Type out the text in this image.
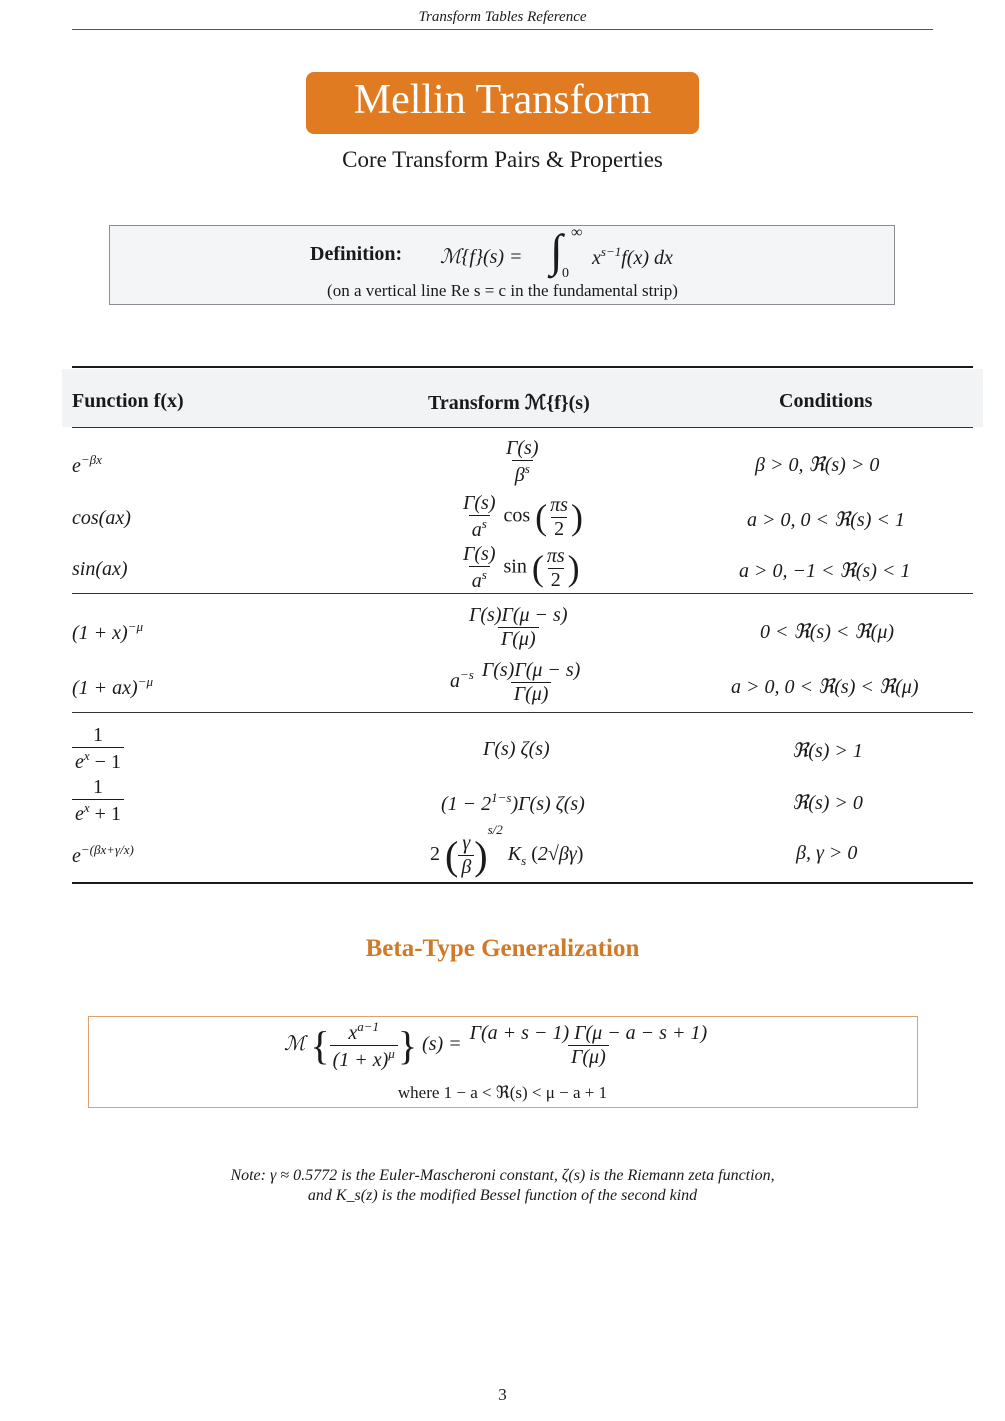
Transform Tables Reference
Mellin Transform
Core Transform Pairs & Properties
Definition: ℳ{f}(s) = ∫ ∞
0
$x^{s-1}f(x)$ dx
(on a vertical line Re s = c in the fundamental strip)
Function f(x)	Transform ℳ{f}(s)	Conditions
$e^{-\beta x}$	$\frac{\Gamma(s)}{\beta^s}$	β > 0, ℜ(s) > 0
cos(ax)	$\frac{\Gamma(s)}{a^s}$ cos ( $\frac{\pi s}{2}$ )	a > 0, 0 < ℜ(s) < 1
sin(ax)	$\frac{\Gamma(s)}{a^s}$ sin ( $\frac{\pi s}{2}$ )	a > 0, −1 < ℜ(s) < 1
$(1 + x)^{-\mu}$	$\frac{\Gamma(s)\Gamma(\mu - s)}{\Gamma(\mu)}$	0 < ℜ(s) < ℜ(μ)
(1 + ax)$^{-\mu}$	$a^{-s} \frac{\Gamma(s)\Gamma(\mu - s)}{\Gamma(\mu)}$	a > 0, 0 < ℜ(s) < ℜ(μ)
$\frac{1}{e^x - 1}$	Γ(s) ζ(s)	ℜ(s) > 1
$\frac{1}{e^x + 1}$	$(1 - 2^{1-s})\Gamma(s)$ ζ(s)	ℜ(s) > 0
$e^{-(\beta x+\gamma/x)}$	2 ( $\frac{\gamma}{\beta} )^{s/2}$ $K_s$ (2√βγ)	β, γ > 0
Beta-Type Generalization
ℳ { $\frac{x^{a-1}}{(1 + x)^\mu}$ } $(s) = \frac{\Gamma(a + s - 1) \Gamma(\mu - a - s + 1)}{\Gamma(\mu)}$
where 1 − a < ℜ(s) < μ − a + 1
Note: γ ≈ 0.5772 is the Euler-Mascheroni constant, ζ(s) is the Riemann zeta function,
and K_s(z) is the modified Bessel function of the second kind
3
